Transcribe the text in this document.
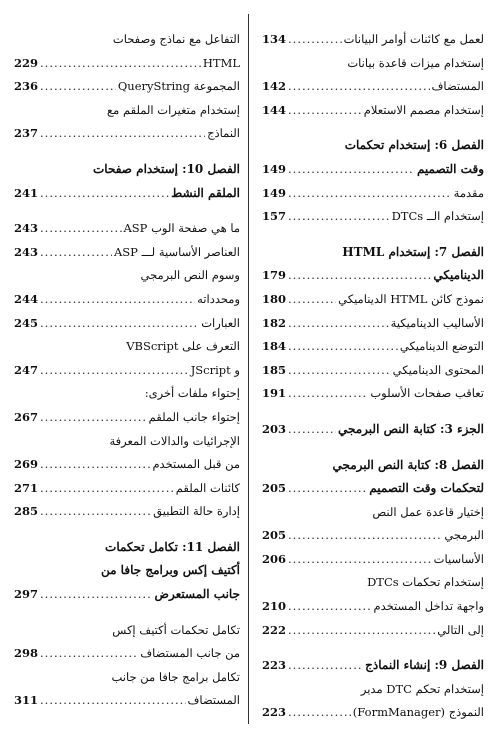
لعمل مع كائنات أوامر البيانات
.....
134
إستخدام ميزات قاعدة بيانات
المستضاف
.....
142
إستخدام مصمم الاستعلام
.....
144
الفصل 6: إستخدام تحكمات
وقت التصميم
.....
149
مقدمة
.....
149
إستخدام الــ DTCs
.....
157
الفصل 7: إستخدام HTML
الديناميكي
.....
179
نموذج كائن HTML الديناميكي
.....
180
الأساليب الديناميكية
.....
182
التوضع الديناميكي
.....
184
المحتوى الديناميكي
.....
185
تعاقب صفحات الأسلوب
.....
191
الجزء 3: كتابة النص البرمجي
.....
203
الفصل 8: كتابة النص البرمجي
لتحكمات وقت التصميم
.....
205
إختيار قاعدة عمل النص
البرمجي
.....
205
الأساسيات
.....
206
إستخدام تحكمات DTCs
واجهة تداخل المستخدم
.....
210
إلى التالي
.....
222
الفصل 9: إنشاء النماذج
.....
223
إستخدام تحكم DTC مدير
النموذج (FormManager)
.....
223
التفاعل مع نماذج وصفحات
HTML
.....
229
المجموعة QueryString
.....
236
إستخدام متغيرات الملقم مع
النماذج
.....
237
الفصل 10: إستخدام صفحات
الملقم النشط
.....
241
ما هي صفحة الوب ASP
.....
243
العناصر الأساسية لـــ ASP
.....
243
وسوم النص البرمجي
ومحدداته
.....
244
العبارات
.....
245
التعرف على VBScript
و JScript
.....
247
إحتواء ملفات أخرى:
إحتواء جانب الملقم
.....
267
الإجرائيات والدالات المعرفة
من قبل المستخدم
.....
269
كائنات الملقم
.....
271
إدارة حالة التطبيق
.....
285
الفصل 11: تكامل تحكمات
أكتيف إكس وبرامج جافا من
جانب المستعرض
.....
297
تكامل تحكمات أكتيف إكس
من جانب المستضاف
.....
298
تكامل برامج جافا من جانب
المستضاف
.....
311
